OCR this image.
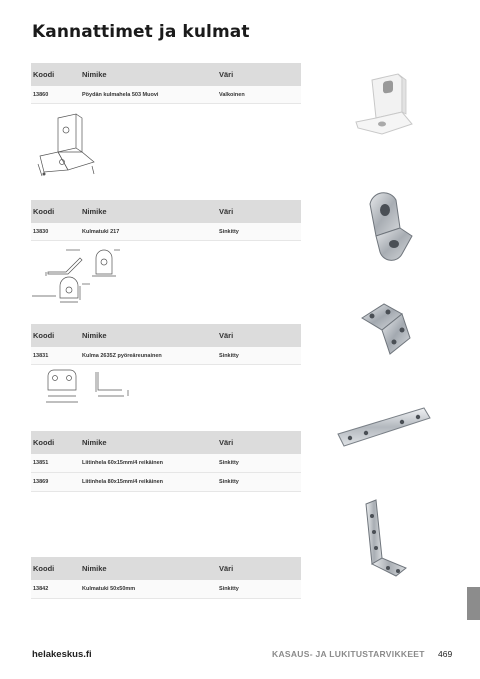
Kannattimet ja kulmat
Koodi	Nimike	Väri
13860	Pöydän kulmahela 503 Muovi	Valkoinen
Koodi	Nimike	Väri
13830	Kulmatuki 217	Sinkitty
Koodi	Nimike	Väri
13831	Kulma 2635Z pyöreäreunainen	Sinkitty
Koodi	Nimike	Väri
13851	Liitinhela 60x15mm/4 reikäinen	Sinkitty
13869	Liitinhela 80x15mm/4 reikäinen	Sinkitty
Koodi	Nimike	Väri
13842	Kulmatuki 50x50mm	Sinkitty
helakeskus.fi	KASAUS- JA LUKITUSTARVIKKEET 469
